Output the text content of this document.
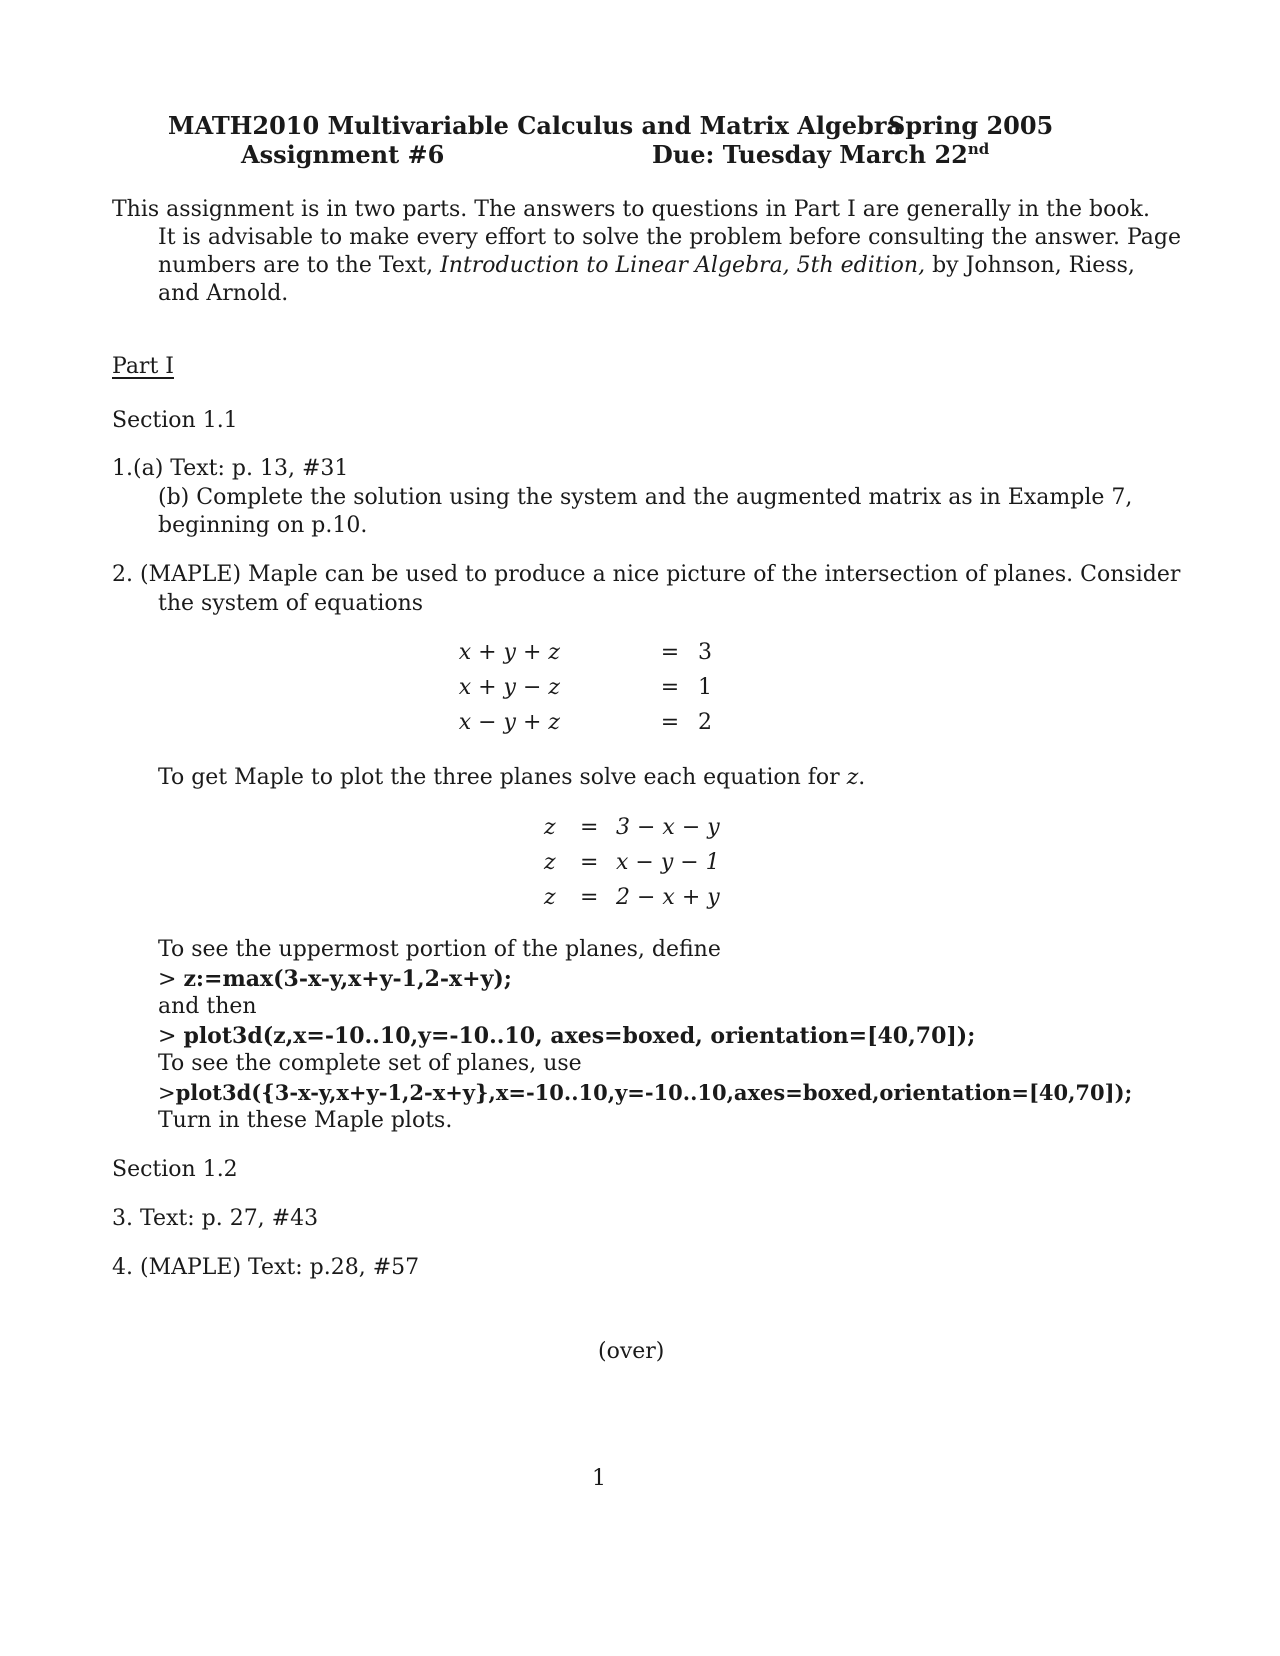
MATH2010 Multivariable Calculus and Matrix Algebra
Spring 2005
Assignment #6	Due: Tuesday March 22nd
This assignment is in two parts. The answers to questions in Part I are generally in the book.
It is advisable to make every effort to solve the problem before consulting the answer. Page
numbers are to the Text, Introduction to Linear Algebra, 5th edition, by Johnson, Riess,
and Arnold.
Part I
Section 1.1
1.(a) Text: p. 13, #31
(b) Complete the solution using the system and the augmented matrix as in Example 7,
beginning on p.10.
2. (MAPLE) Maple can be used to produce a nice picture of the intersection of planes. Consider
the system of equations
x + y + z	= 3
x + y − z	= 1
x − y + z	= 2
To get Maple to plot the three planes solve each equation for z.
z = 3 − x − y
z = x − y − 1
z = 2 − x + y
To see the uppermost portion of the planes, define
> z:=max(3-x-y,x+y-1,2-x+y);
and then
> plot3d(z,x=-10..10,y=-10..10, axes=boxed, orientation=[40,70]);
To see the complete set of planes, use
>plot3d({3-x-y,x+y-1,2-x+y},x=-10..10,y=-10..10,axes=boxed,orientation=[40,70]);
Turn in these Maple plots.
Section 1.2
3. Text: p. 27, #43
4. (MAPLE) Text: p.28, #57
(over)
1
